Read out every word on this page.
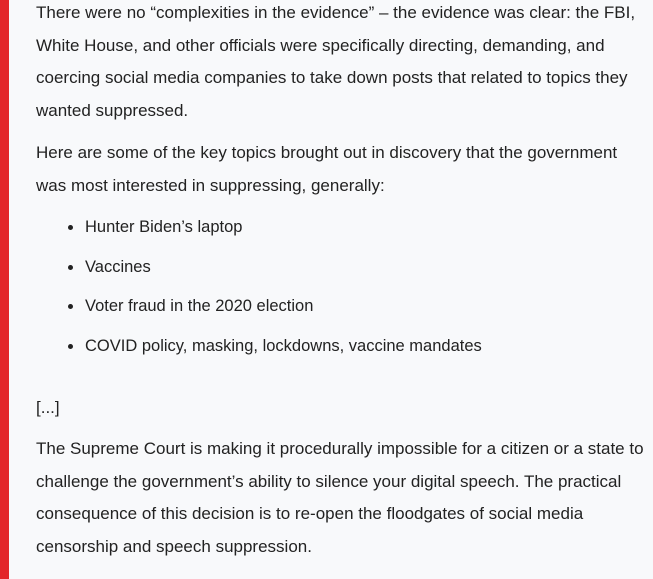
There were no “complexities in the evidence” – the evidence was clear: the FBI, White House, and other officials were specifically directing, demanding, and coercing social media companies to take down posts that related to topics they wanted suppressed.

Here are some of the key topics brought out in discovery that the government was most interested in suppressing, generally:

Hunter Biden’s laptop
Vaccines
Voter fraud in the 2020 election
COVID policy, masking, lockdowns, vaccine mandates

[...]

The Supreme Court is making it procedurally impossible for a citizen or a state to challenge the government’s ability to silence your digital speech. The practical consequence of this decision is to re-open the floodgates of social media censorship and speech suppression.
